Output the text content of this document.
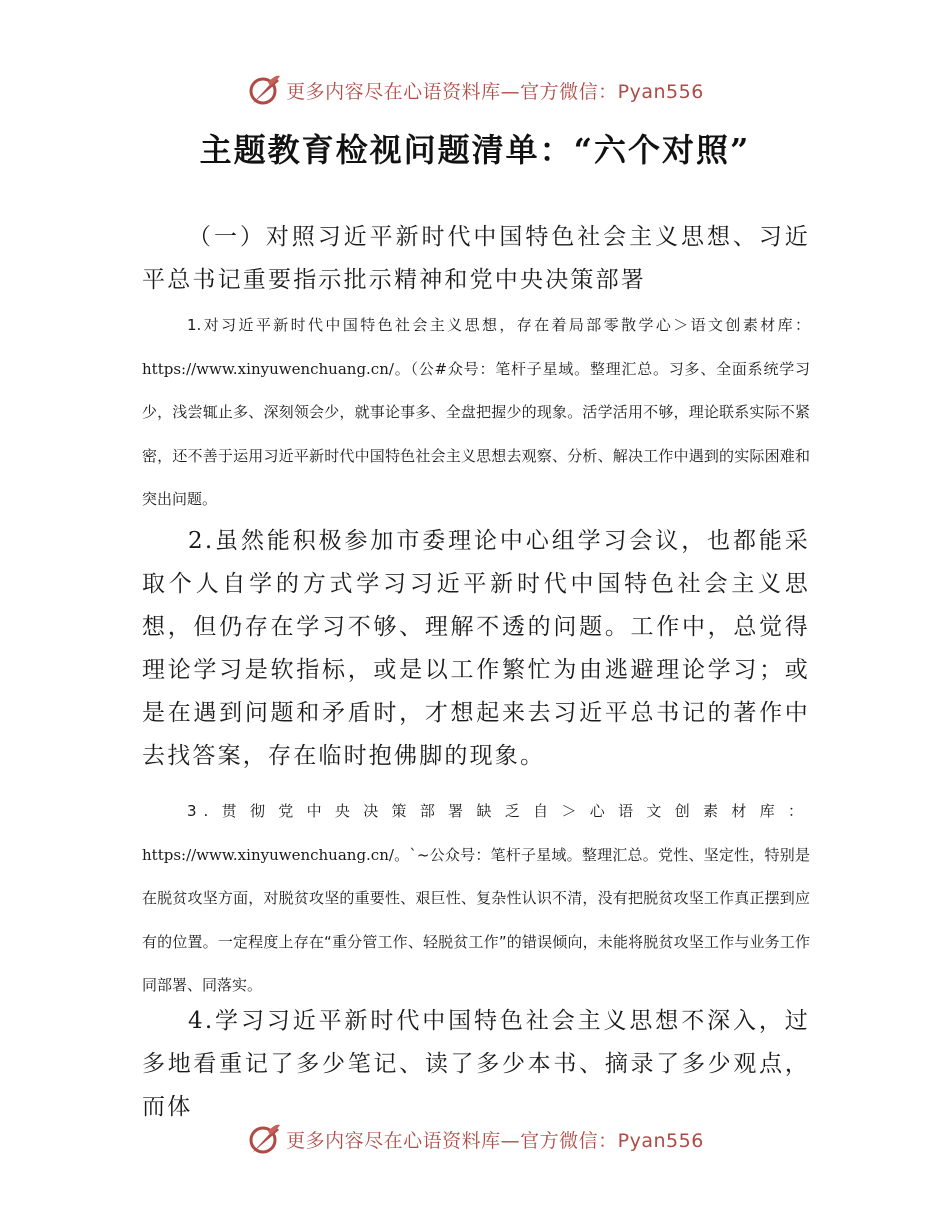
更多内容尽在心语资料库—官方微信：Pyan556
主题教育检视问题清单：“六个对照”

（一）对照习近平新时代中国特色社会主义思想、习近平总书记重要指示批示精神和党中央决策部署

1.对习近平新时代中国特色社会主义思想，存在着局部零散学心＞语文创素材库：https://www.xinyuwenchuang.cn/。（公#众号：笔杆子星域。整理汇总。习多、全面系统学习少，浅尝辄止多、深刻领会少，就事论事多、全盘把握少的现象。活学活用不够，理论联系实际不紧密，还不善于运用习近平新时代中国特色社会主义思想去观察、分析、解决工作中遇到的实际困难和突出问题。

2.虽然能积极参加市委理论中心组学习会议，也都能采取个人自学的方式学习习近平新时代中国特色社会主义思想，但仍存在学习不够、理解不透的问题。工作中，总觉得理论学习是软指标，或是以工作繁忙为由逃避理论学习；或是在遇到问题和矛盾时，才想起来去习近平总书记的著作中去找答案，存在临时抱佛脚的现象。

3.贯彻党中央决策部署缺乏自＞心语文创素材库：https://www.xinyuwenchuang.cn/。`~公众号：笔杆子星域。整理汇总。党性、坚定性，特别是在脱贫攻坚方面，对脱贫攻坚的重要性、艰巨性、复杂性认识不清，没有把脱贫攻坚工作真正摆到应有的位置。一定程度上存在“重分管工作、轻脱贫工作”的错误倾向，未能将脱贫攻坚工作与业务工作同部署、同落实。

4.学习习近平新时代中国特色社会主义思想不深入，过多地看重记了多少笔记、读了多少本书、摘录了多少观点，而体

更多内容尽在心语资料库—官方微信：Pyan556
